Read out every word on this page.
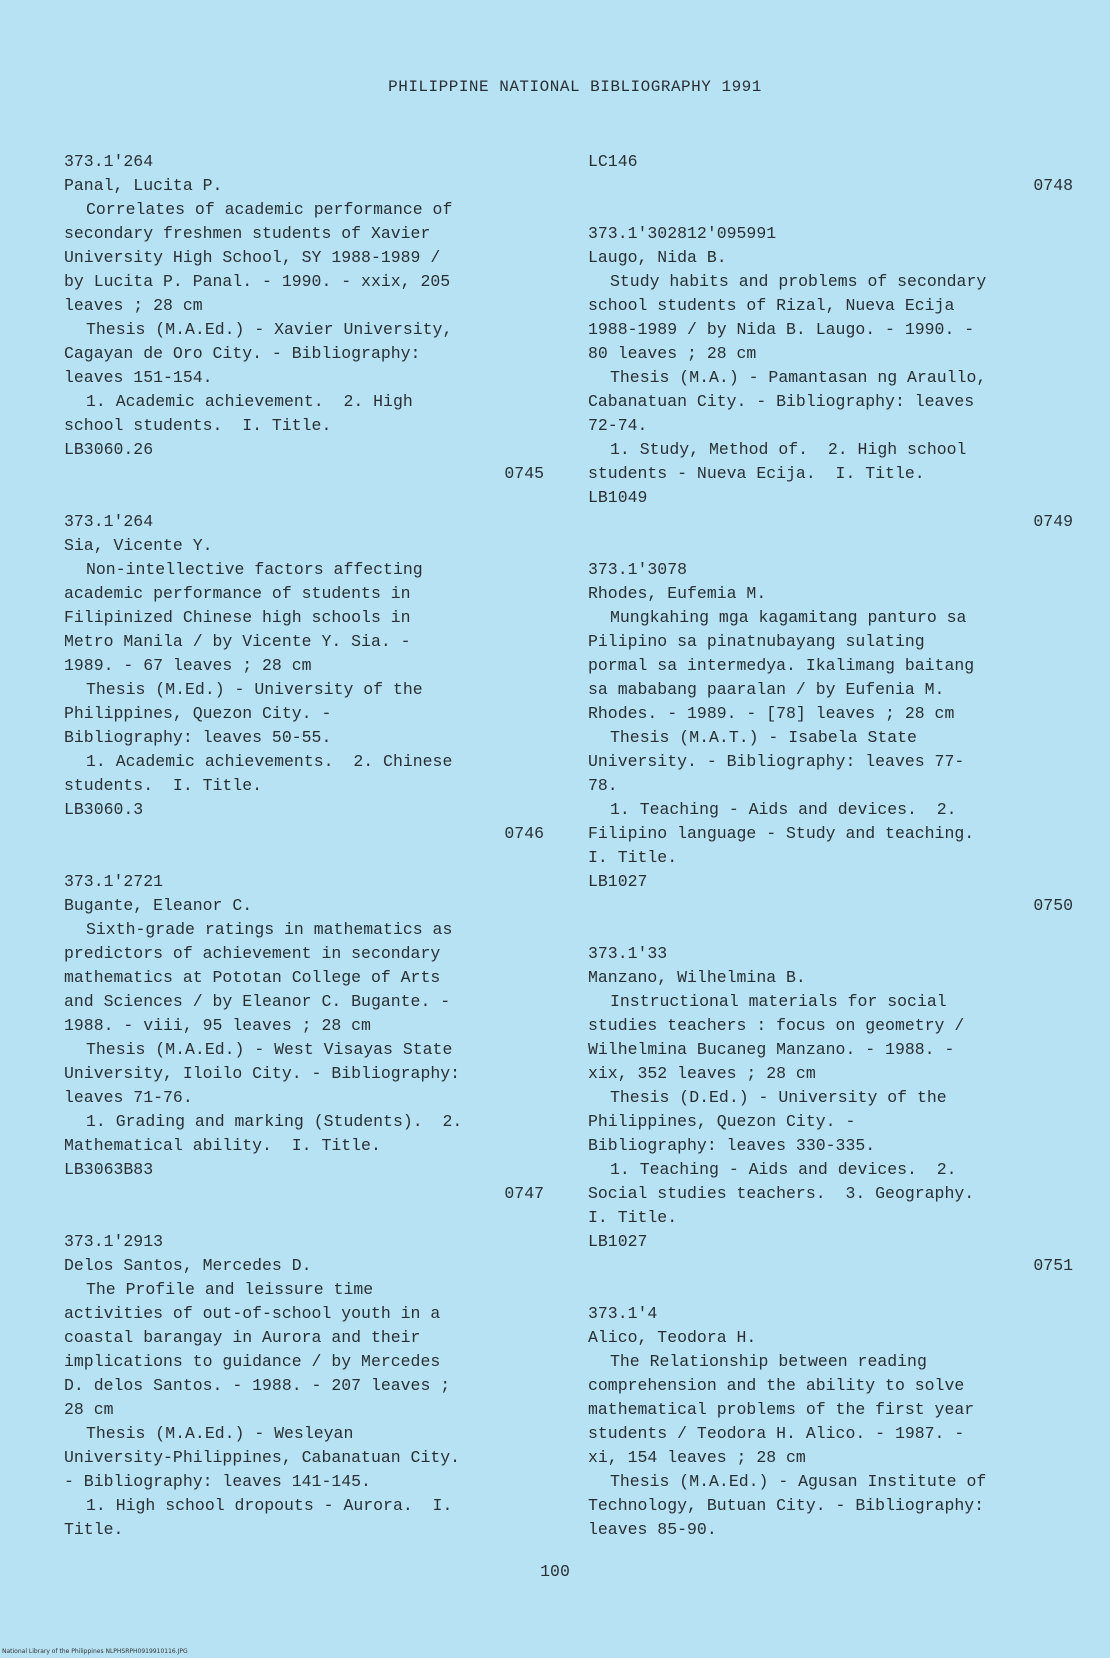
PHILIPPINE NATIONAL BIBLIOGRAPHY 1991
373.1'264
Panal, Lucita P.
Correlates of academic performance of
secondary freshmen students of Xavier
University High School, SY 1988-1989 /
by Lucita P. Panal. - 1990. - xxix, 205
leaves ; 28 cm
Thesis (M.A.Ed.) - Xavier University,
Cagayan de Oro City. - Bibliography:
leaves 151-154.
1. Academic achievement.  2. High
school students.  I. Title.
LB3060.26
0745
373.1'264
Sia, Vicente Y.
Non-intellective factors affecting
academic performance of students in
Filipinized Chinese high schools in
Metro Manila / by Vicente Y. Sia. -
1989. - 67 leaves ; 28 cm
Thesis (M.Ed.) - University of the
Philippines, Quezon City. -
Bibliography: leaves 50-55.
1. Academic achievements.  2. Chinese
students.  I. Title.
LB3060.3
0746
373.1'2721
Bugante, Eleanor C.
Sixth-grade ratings in mathematics as
predictors of achievement in secondary
mathematics at Pototan College of Arts
and Sciences / by Eleanor C. Bugante. -
1988. - viii, 95 leaves ; 28 cm
Thesis (M.A.Ed.) - West Visayas State
University, Iloilo City. - Bibliography:
leaves 71-76.
1. Grading and marking (Students).  2.
Mathematical ability.  I. Title.
LB3063B83
0747
373.1'2913
Delos Santos, Mercedes D.
The Profile and leissure time
activities of out-of-school youth in a
coastal barangay in Aurora and their
implications to guidance / by Mercedes
D. delos Santos. - 1988. - 207 leaves ;
28 cm
Thesis (M.A.Ed.) - Wesleyan
University-Philippines, Cabanatuan City.
- Bibliography: leaves 141-145.
1. High school dropouts - Aurora.  I.
Title.
LC146
0748
373.1'302812'095991
Laugo, Nida B.
Study habits and problems of secondary
school students of Rizal, Nueva Ecija
1988-1989 / by Nida B. Laugo. - 1990. -
80 leaves ; 28 cm
Thesis (M.A.) - Pamantasan ng Araullo,
Cabanatuan City. - Bibliography: leaves
72-74.
1. Study, Method of.  2. High school
students - Nueva Ecija.  I. Title.
LB1049
0749
373.1'3078
Rhodes, Eufemia M.
Mungkahing mga kagamitang panturo sa
Pilipino sa pinatnubayang sulating
pormal sa intermedya. Ikalimang baitang
sa mababang paaralan / by Eufenia M.
Rhodes. - 1989. - [78] leaves ; 28 cm
Thesis (M.A.T.) - Isabela State
University. - Bibliography: leaves 77-
78.
1. Teaching - Aids and devices.  2.
Filipino language - Study and teaching.
I. Title.
LB1027
0750
373.1'33
Manzano, Wilhelmina B.
Instructional materials for social
studies teachers : focus on geometry /
Wilhelmina Bucaneg Manzano. - 1988. -
xix, 352 leaves ; 28 cm
Thesis (D.Ed.) - University of the
Philippines, Quezon City. -
Bibliography: leaves 330-335.
1. Teaching - Aids and devices.  2.
Social studies teachers.  3. Geography.
I. Title.
LB1027
0751
373.1'4
Alico, Teodora H.
The Relationship between reading
comprehension and the ability to solve
mathematical problems of the first year
students / Teodora H. Alico. - 1987. -
xi, 154 leaves ; 28 cm
Thesis (M.A.Ed.) - Agusan Institute of
Technology, Butuan City. - Bibliography:
leaves 85-90.
100
National Library of the Philippines NLPHSRPH0919910116.JPG
